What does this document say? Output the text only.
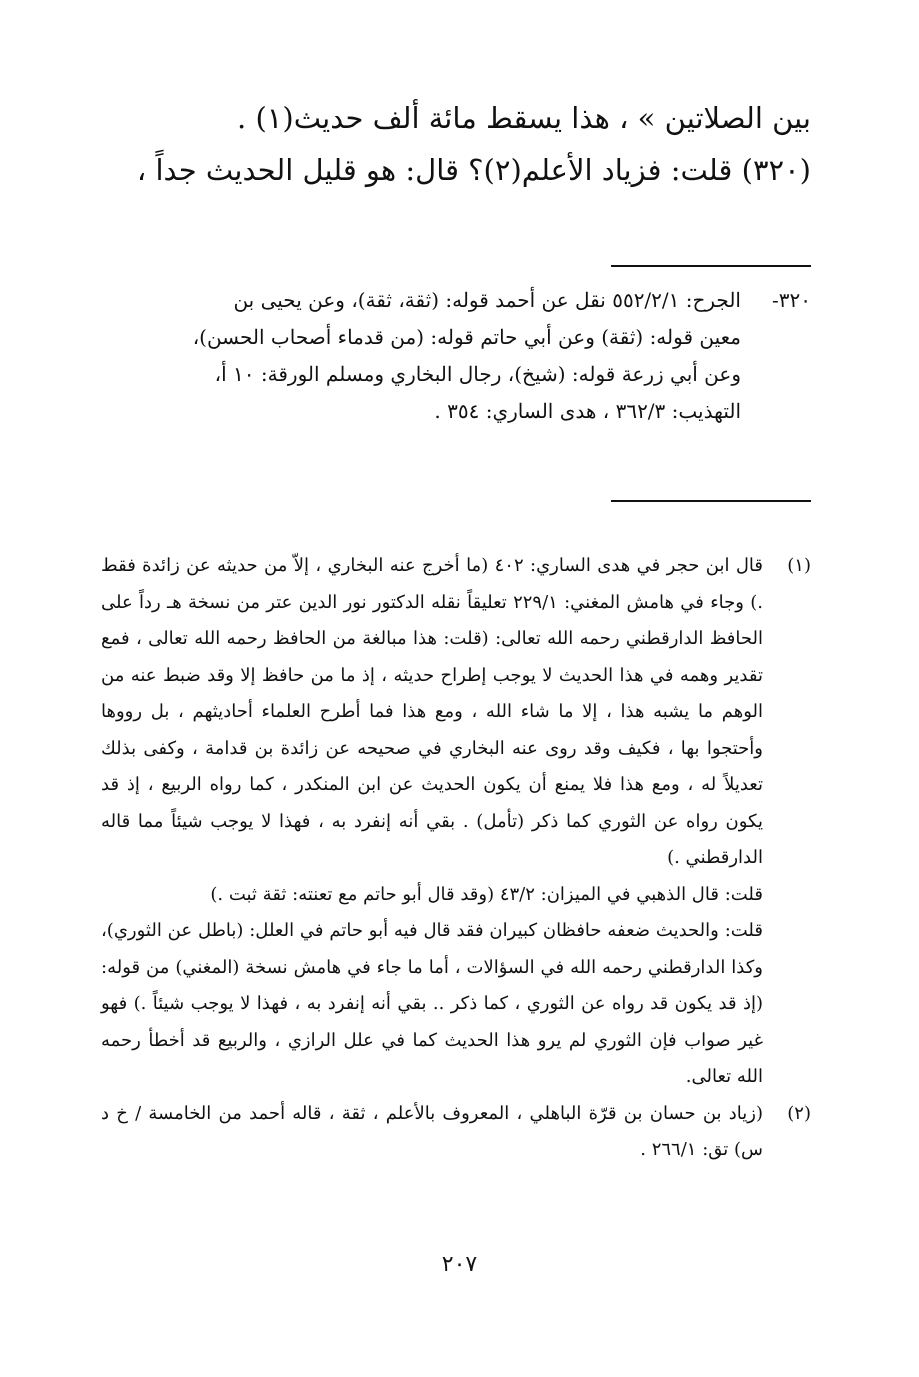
بين الصلاتين » ، هذا يسقط مائة ألف حديث(١) .

(٣٢٠) قلت: فزياد الأعلم(٢)؟ قال: هو قليل الحديث جداً ،

٣٢٠-
الجرح: ٥٥٢/٢/١ نقل عن أحمد قوله: (ثقة، ثقة)، وعن يحيى بن
معين قوله: (ثقة) وعن أبي حاتم قوله: (من قدماء أصحاب الحسن)،
وعن أبي زرعة قوله: (شيخ)، رجال البخاري ومسلم الورقة: ١٠ أ،
التهذيب: ٣٦٢/٣ ، هدى الساري: ٣٥٤ .
(١)

قال ابن حجر في هدى الساري: ٤٠٢ (ما أخرج عنه البخاري ، إلاّ من حديثه عن زائدة فقط .) وجاء في هامش المغني: ٢٢٩/١ تعليقاً نقله الدكتور نور الدين عتر من نسخة هـ رداً على الحافظ الدارقطني رحمه الله تعالى: (قلت: هذا مبالغة من الحافظ رحمه الله تعالى ، فمع تقدير وهمه في هذا الحديث لا يوجب إطراح حديثه ، إذ ما من حافظ إلا وقد ضبط عنه من الوهم ما يشبه هذا ، إلا ما شاء الله ، ومع هذا فما أطرح العلماء أحاديثهم ، بل رووها وأحتجوا بها ، فكيف وقد روى عنه البخاري في صحيحه عن زائدة بن قدامة ، وكفى بذلك تعديلاً له ، ومع هذا فلا يمنع أن يكون الحديث عن ابن المنكدر ، كما رواه الربيع ، إذ قد يكون رواه عن الثوري كما ذكر (تأمل) . بقي أنه إنفرد به ، فهذا لا يوجب شيئاً مما قاله الدارقطني .)

قلت: قال الذهبي في الميزان: ٤٣/٢ (وقد قال أبو حاتم مع تعنته: ثقة ثبت .)

قلت: والحديث ضعفه حافظان كبيران فقد قال فيه أبو حاتم في العلل: (باطل عن الثوري)، وكذا الدارقطني رحمه الله في السؤالات ، أما ما جاء في هامش نسخة (المغني) من قوله: (إذ قد يكون قد رواه عن الثوري ، كما ذكر .. بقي أنه إنفرد به ، فهذا لا يوجب شيئاً .) فهو غير صواب فإن الثوري لم يرو هذا الحديث كما في علل الرازي ، والربيع قد أخطأ رحمه الله تعالى.

(٢)

(زياد بن حسان بن قرّة الباهلي ، المعروف بالأعلم ، ثقة ، قاله أحمد من الخامسة / خ د س) تق: ٢٦٦/١ .

٢٠٧
